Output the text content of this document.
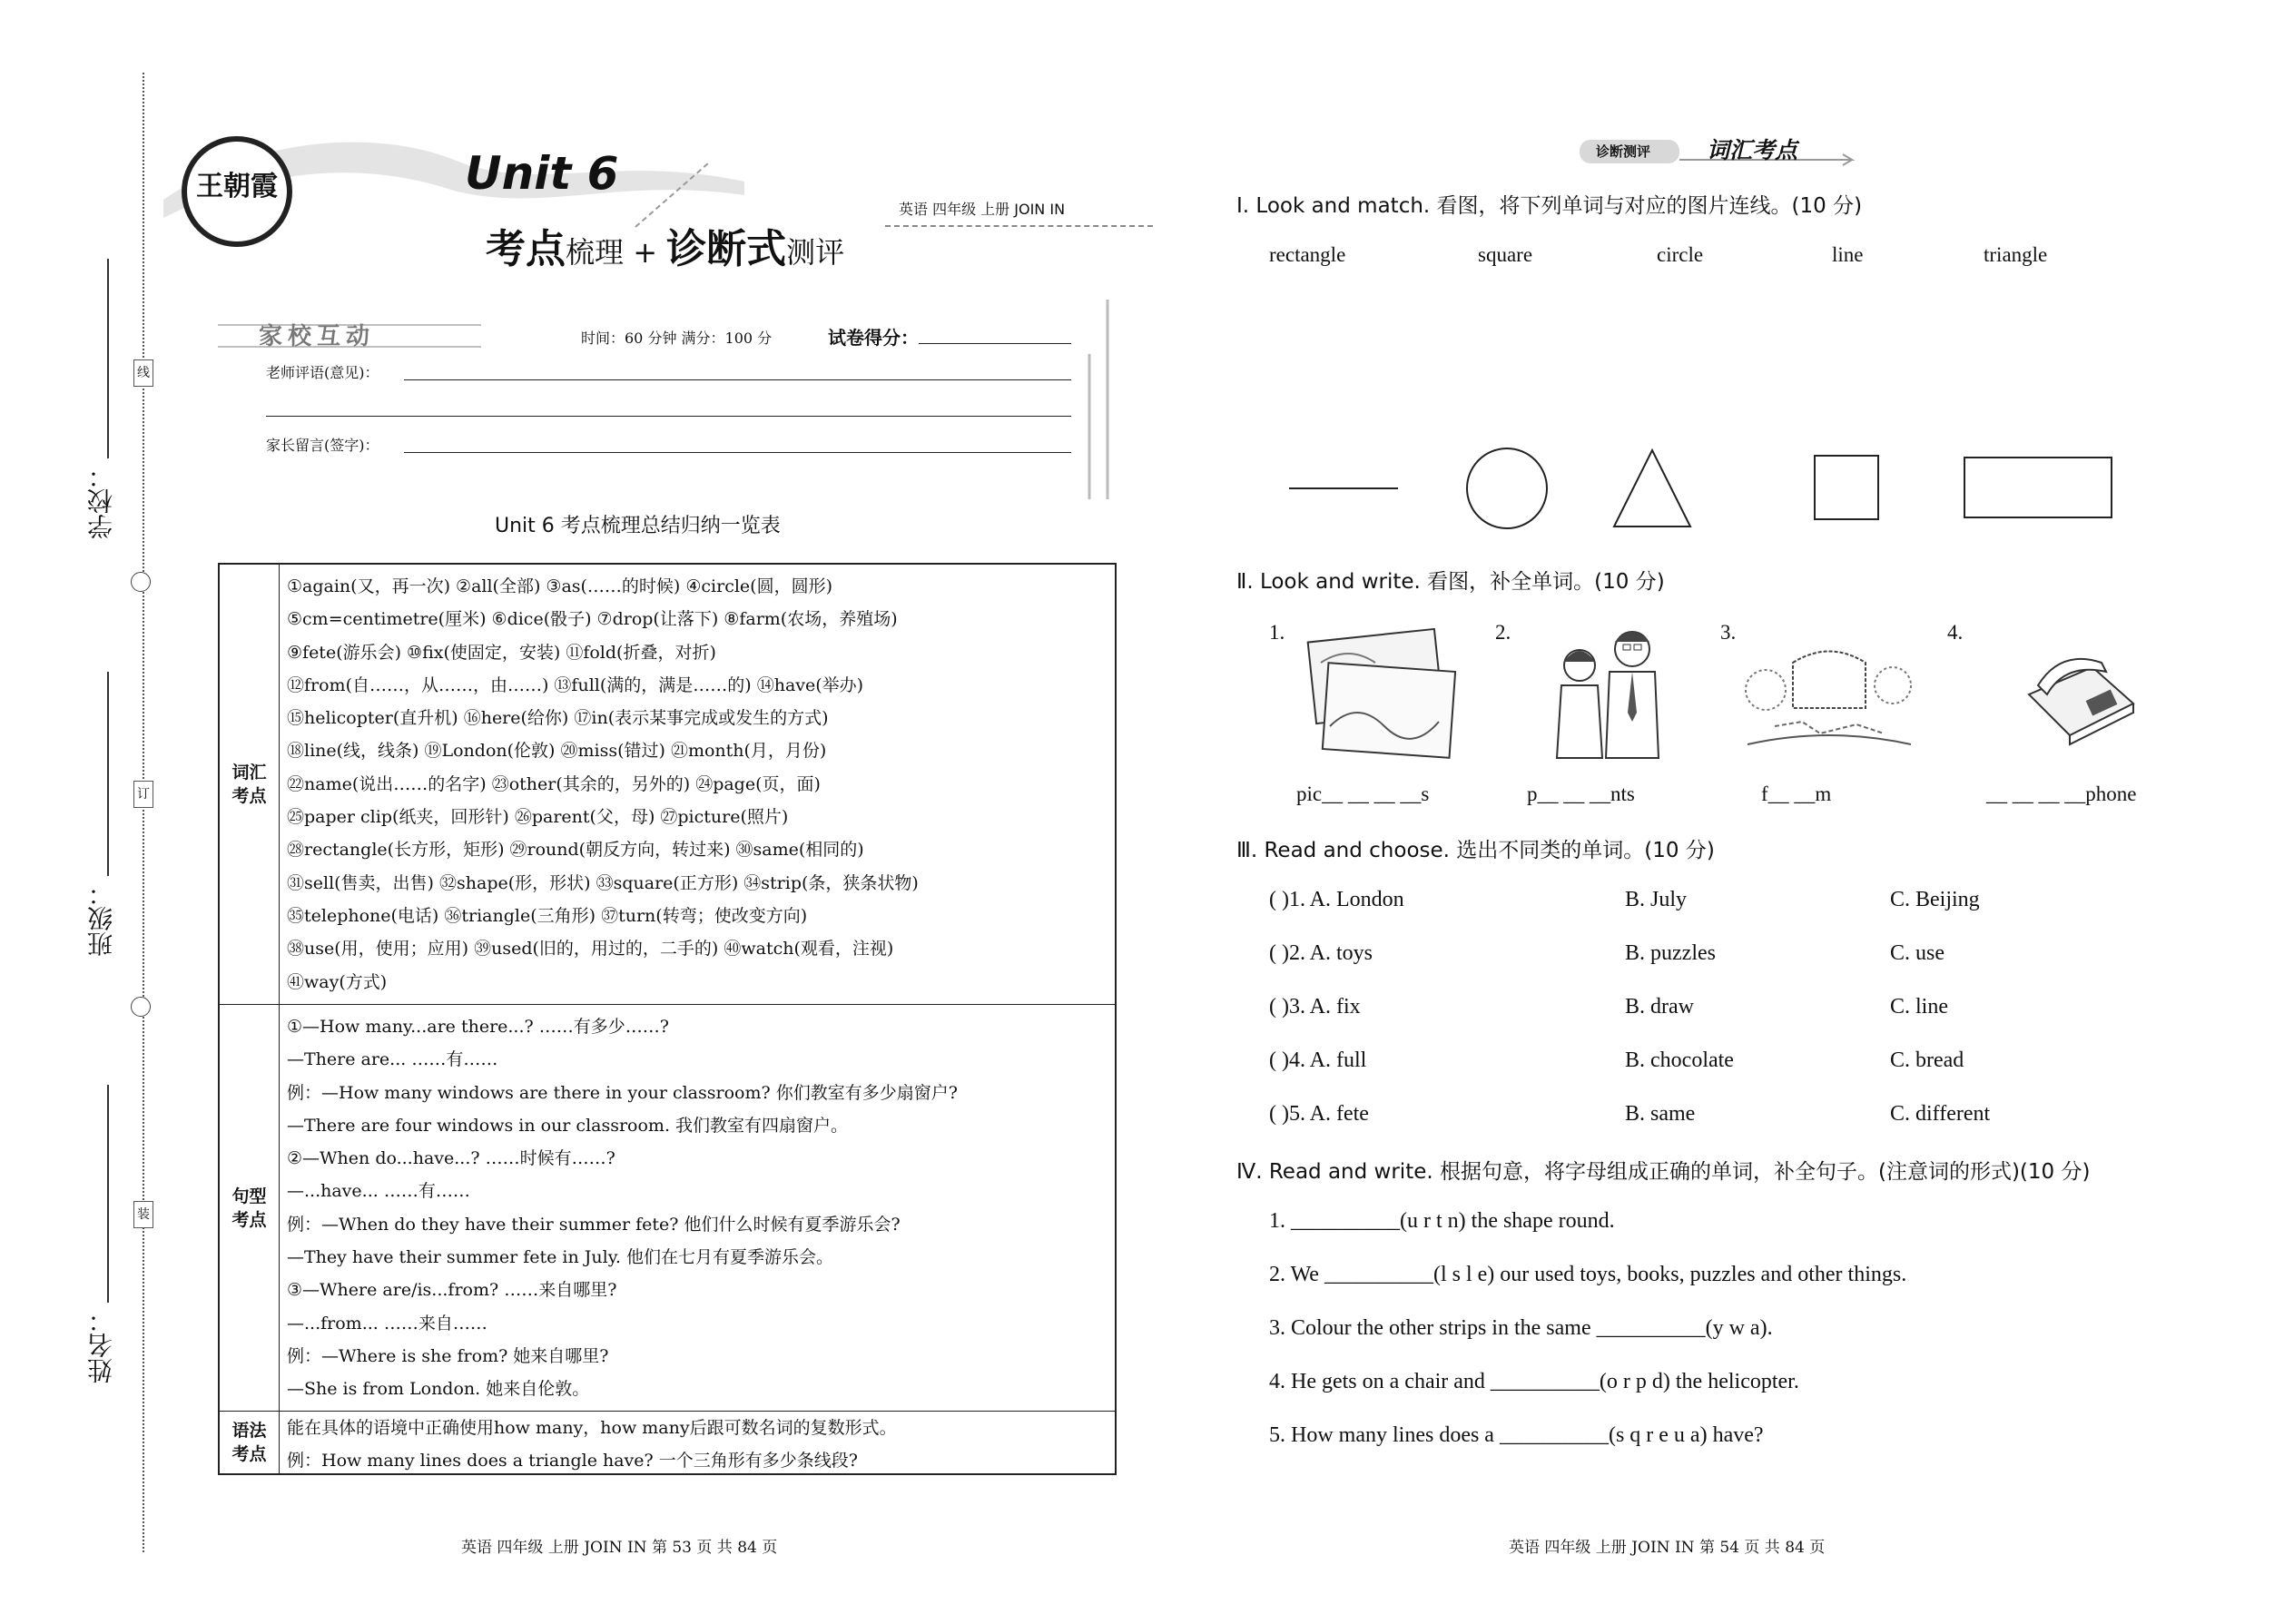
线
订
装
学校：
班级：
姓名：
王朝霞	Unit 6
考点梳理 + 诊断式测评
英语 四年级 上册 JOIN IN
家校互动	时间：60 分钟 满分：100 分	试卷得分：
老师评语(意见)：
家长留言(签字)：
Unit 6 考点梳理总结归纳一览表
词汇考点
①again(又，再一次) ②all(全部) ③as(……的时候) ④circle(圆，圆形)
⑤cm=centimetre(厘米) ⑥dice(骰子) ⑦drop(让落下) ⑧farm(农场，养殖场)
⑨fete(游乐会) ⑩fix(使固定，安装) ⑪fold(折叠，对折)
⑫from(自……，从……，由……) ⑬full(满的，满是……的) ⑭have(举办)
⑮helicopter(直升机) ⑯here(给你) ⑰in(表示某事完成或发生的方式)
⑱line(线，线条) ⑲London(伦敦) ⑳miss(错过) ㉑month(月，月份)
㉒name(说出……的名字) ㉓other(其余的，另外的) ㉔page(页，面)
㉕paper clip(纸夹，回形针) ㉖parent(父，母) ㉗picture(照片)
㉘rectangle(长方形，矩形) ㉙round(朝反方向，转过来) ㉚same(相同的)
㉛sell(售卖，出售) ㉜shape(形，形状) ㉝square(正方形) ㉞strip(条，狭条状物)
㉟telephone(电话) ㊱triangle(三角形) ㊲turn(转弯；使改变方向)
㊳use(用，使用；应用) ㊴used(旧的，用过的，二手的) ㊵watch(观看，注视)
㊶way(方式)
句型考点
①—How many...are there...? ……有多少……?
—There are... ……有……
例：—How many windows are there in your classroom? 你们教室有多少扇窗户?
—There are four windows in our classroom. 我们教室有四扇窗户。
②—When do...have...? ……时候有……?
—...have... ……有……
例：—When do they have their summer fete? 他们什么时候有夏季游乐会?
—They have their summer fete in July. 他们在七月有夏季游乐会。
③—Where are/is...from? ……来自哪里?
—...from... ……来自……
例：—Where is she from? 她来自哪里?
—She is from London. 她来自伦敦。
语法考点
能在具体的语境中正确使用how many，how many后跟可数名词的复数形式。
例：How many lines does a triangle have? 一个三角形有多少条线段?
英语 四年级 上册 JOIN IN 第 53 页 共 84 页
诊断测评 词汇考点
Ⅰ. Look and match. 看图，将下列单词与对应的图片连线。(10 分)
rectangle	square	circle	line	triangle
Ⅱ. Look and write. 看图，补全单词。(10 分)
1.	2.	3.	4.
pic__ __ __ __s	p__ __ __nts	f__ __m	__ __ __ __phone
Ⅲ. Read and choose. 选出不同类的单词。(10 分)
( )1. A. London	B. July	C. Beijing
( )2. A. toys	B. puzzles	C. use
( )3. A. fix	B. draw	C. line
( )4. A. full	B. chocolate	C. bread
( )5. A. fete	B. same	C. different
Ⅳ. Read and write. 根据句意，将字母组成正确的单词，补全句子。(注意词的形式)(10 分)
1. __________(u r t n) the shape round.
2. We __________(l s l e) our used toys, books, puzzles and other things.
3. Colour the other strips in the same __________(y w a).
4. He gets on a chair and __________(o r p d) the helicopter.
5. How many lines does a __________(s q r e u a) have?
英语 四年级 上册 JOIN IN 第 54 页 共 84 页
